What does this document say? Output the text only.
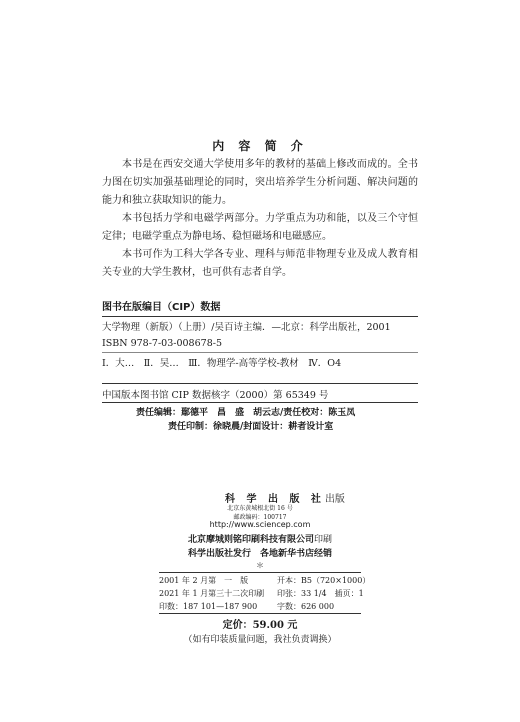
内 容 简 介
本书是在西安交通大学使用多年的教材的基础上修改而成的。全书力图在切实加强基础理论的同时，突出培养学生分析问题、解决问题的能力和独立获取知识的能力。
本书包括力学和电磁学两部分。力学重点为功和能，以及三个守恒定律；电磁学重点为静电场、稳恒磁场和电磁感应。
本书可作为工科大学各专业、理科与师范非物理专业及成人教育相关专业的大学生教材，也可供有志者自学。
图书在版编目（CIP）数据
大学物理（新版）（上册）/吴百诗主编．—北京：科学出版社，2001
ISBN 978-7-03-008678-5
Ⅰ．大…　Ⅱ．吴…　Ⅲ．物理学-高等学校-教材　Ⅳ．O4
中国版本图书馆 CIP 数据核字（2000）第 65349 号
责任编辑：鄢德平　昌　盛　胡云志/责任校对：陈玉凤
责任印制：徐晓晨/封面设计：耕者设计室
科 学 出 版 社出版
北京东黄城根北街 16 号
邮政编码：100717
http://www.sciencep.com
北京摩城则铭印刷科技有限公司印刷
科学出版社发行　各地新华书店经销
＊
2001 年 2 月第　一　版	开本：B5（720×1000）
2021 年 1 月第三十二次印刷 印张：33 1/4　插页：1
印数：187 101—187 900 字数：626 000
定价：59.00 元
（如有印装质量问题，我社负责调换）
